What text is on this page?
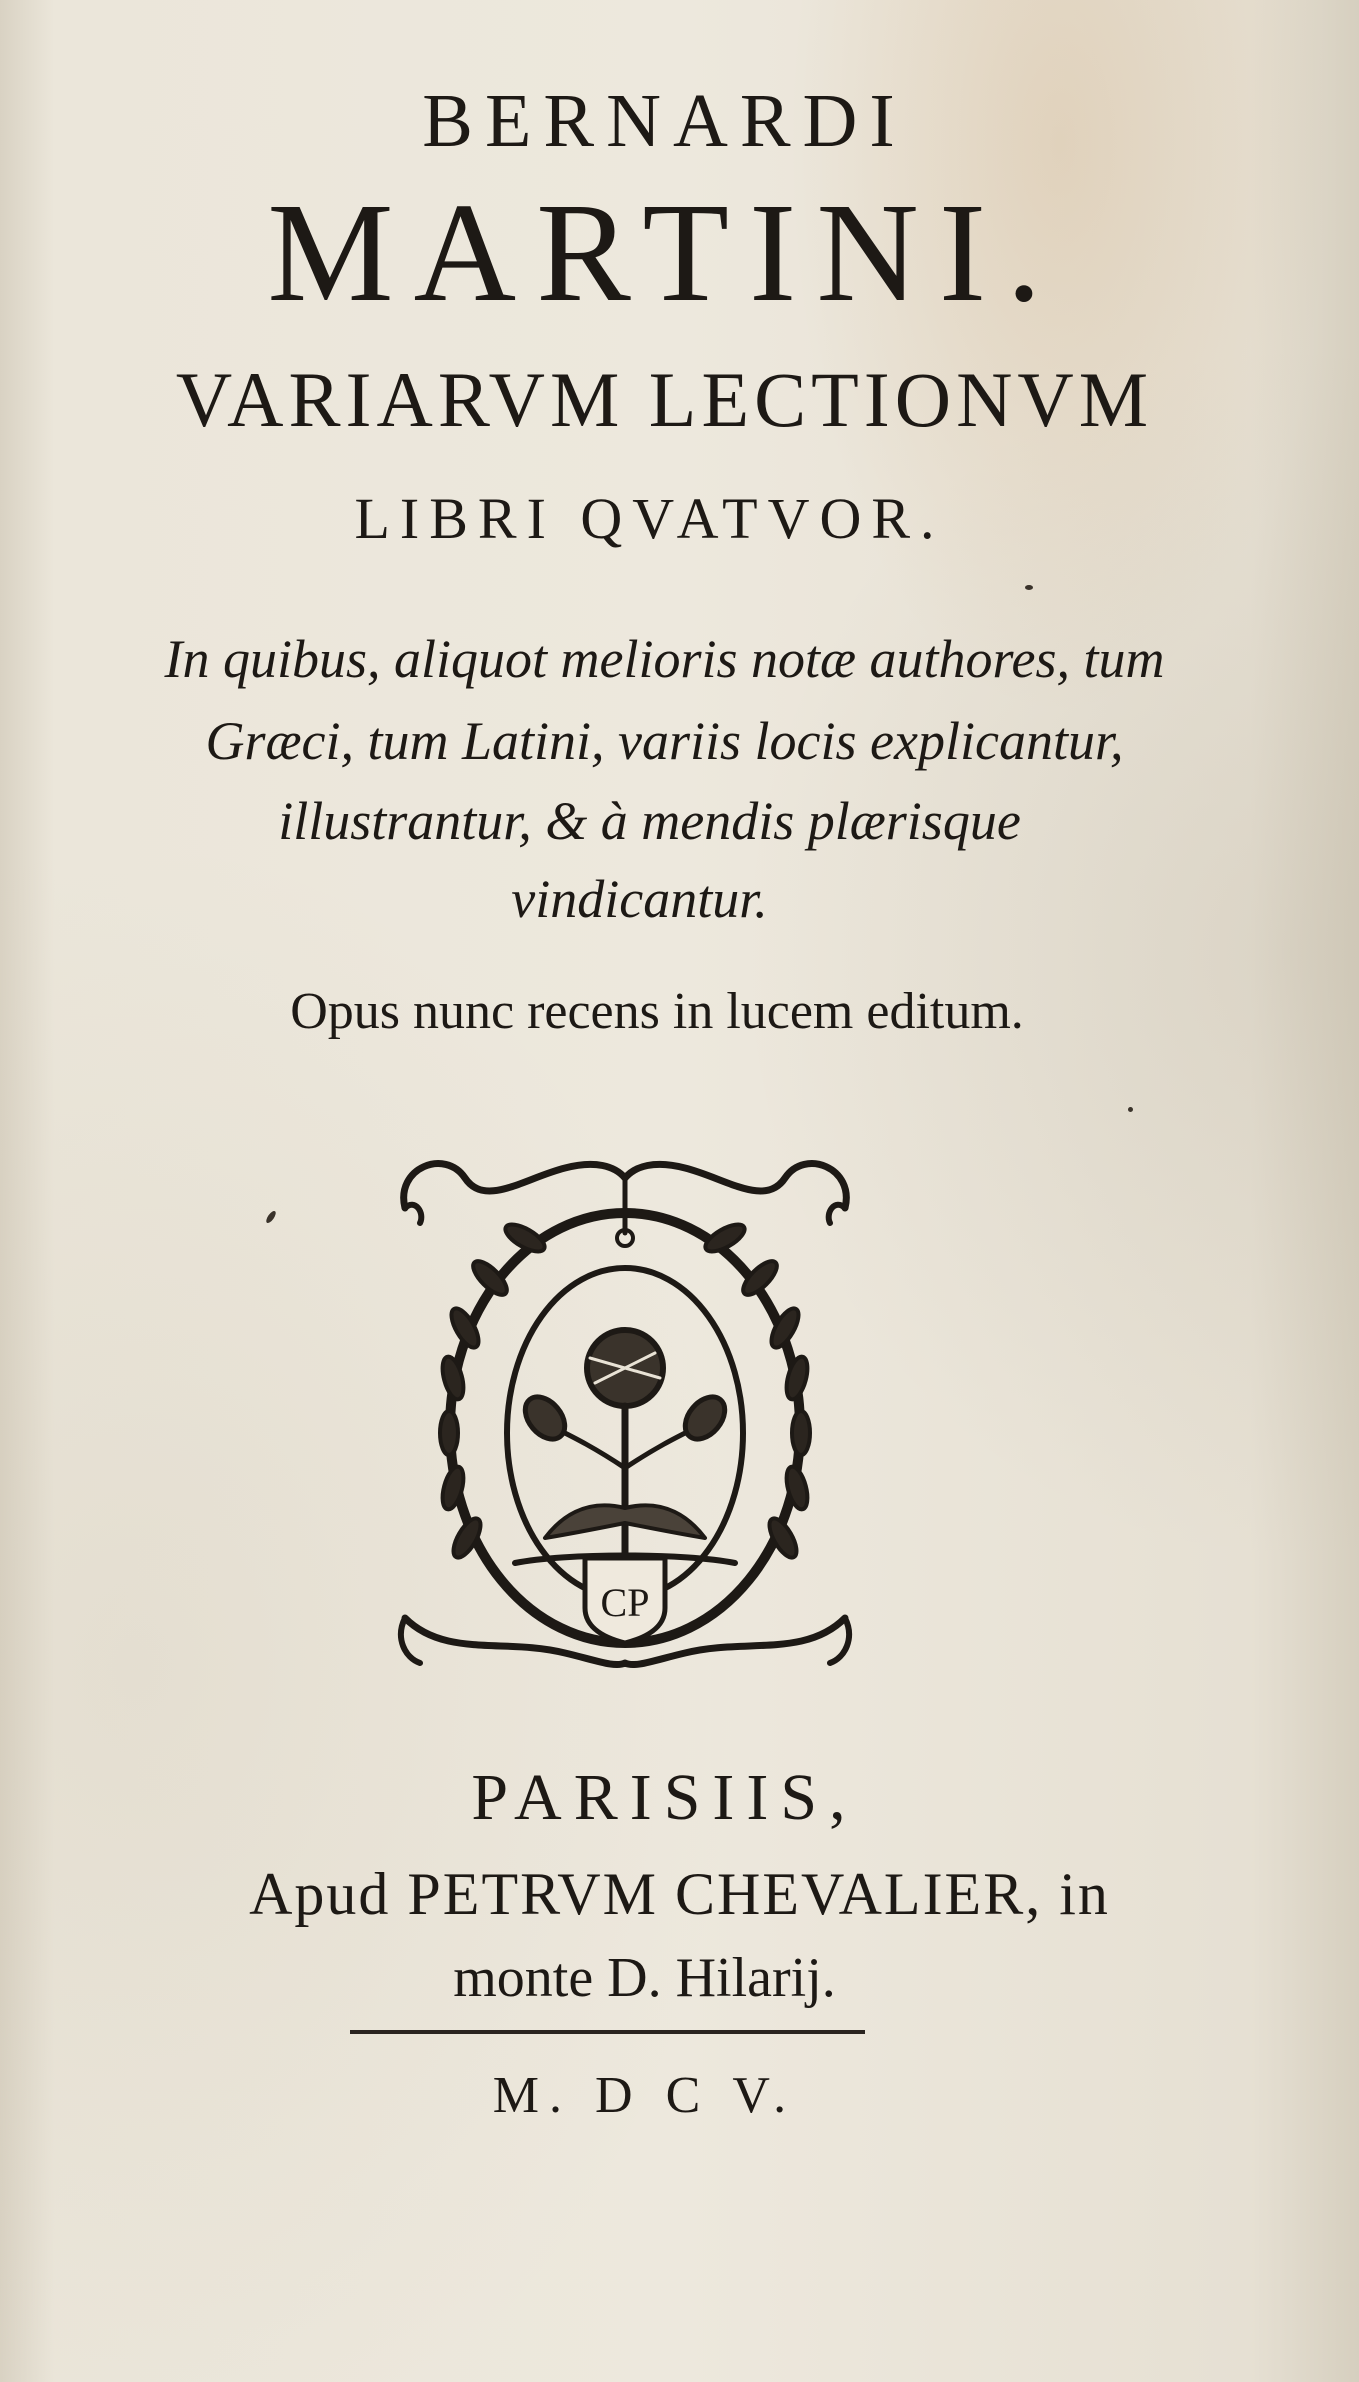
BERNARDI
MARTINI.
VARIARVM LECTIONVM
LIBRI QVATVOR.
In quibus, aliquot melioris notæ authores, tum
Græci, tum Latini, variis locis explicantur,
illustrantur, & à mendis plærisque
vindicantur.
Opus nunc recens in lucem editum.
CP
PARISIIS,
Apud PETRVM CHEVALIER, in
monte D. Hilarij.
M. D C V.
